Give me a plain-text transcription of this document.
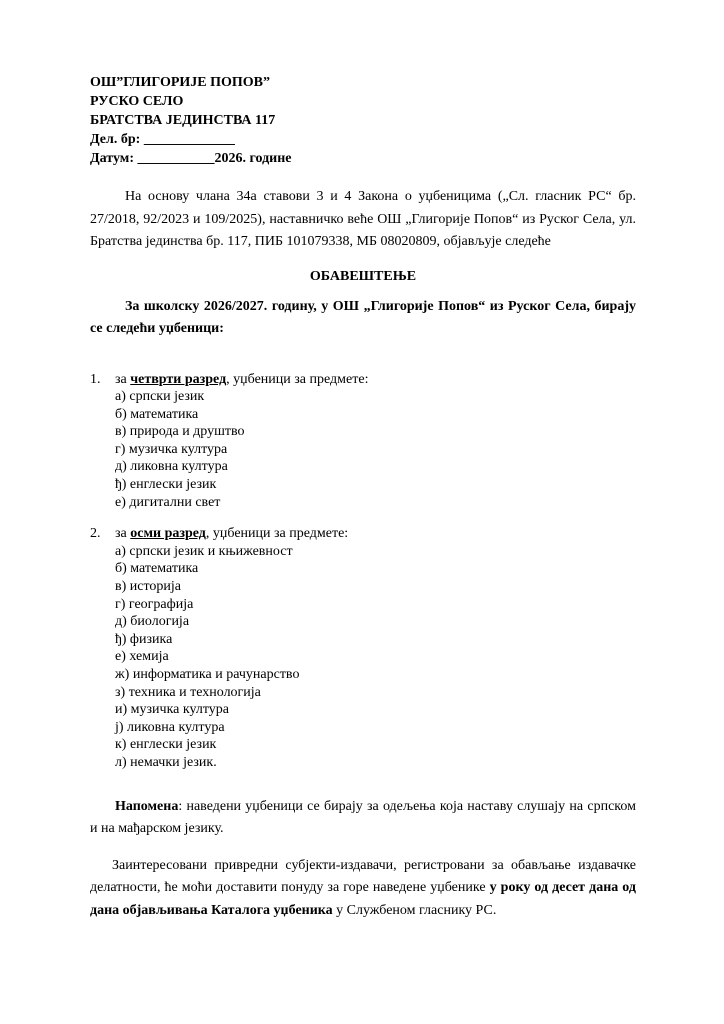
ОШ”ГЛИГОРИЈЕ ПОПОВ”
РУСКО СЕЛО
БРАТСТВА ЈЕДИНСТВА 117
Дел. бр: _____________
Датум: ___________2026. године
На основу члана 34а ставови 3 и 4 Закона о уџбеницима („Сл. гласник РС“ бр. 27/2018, 92/2023 и 109/2025), наставничко веће ОШ „Глигорије Попов“ из Руског Села, ул. Братства јединства бр. 117, ПИБ 101079338, МБ 08020809, објављује следеће
ОБАВЕШТЕЊЕ
За школску 2026/2027. годину, у ОШ „Глигорије Попов“ из Руског Села, бирају се следећи уџбеници:
1.	за четврти разред, уџбеници за предмете:
а) српски језик
б) математика
в) природа и друштво
г) музичка култура
д) ликовна култура
ђ) енглески језик
е) дигитални свет
2.	за осми разред, уџбеници за предмете:
а) српски језик и књижевност
б) математика
в) историја
г) географија
д) биологија
ђ) физика
е) хемија
ж) информатика и рачунарство
з) техника и технологија
и) музичка култура
ј) ликовна култура
к) енглески језик
л) немачки језик.
Напомена: наведени уџбеници се бирају за одељења која наставу слушају на српском и на мађарском језику.
Заинтересовани привредни субјекти-издавачи, регистровани за обављање издавачке делатности, ће моћи доставити понуду за горе наведене уџбенике у року од десет дана од дана објављивања Каталога уџбеника у Службеном гласнику РС.
